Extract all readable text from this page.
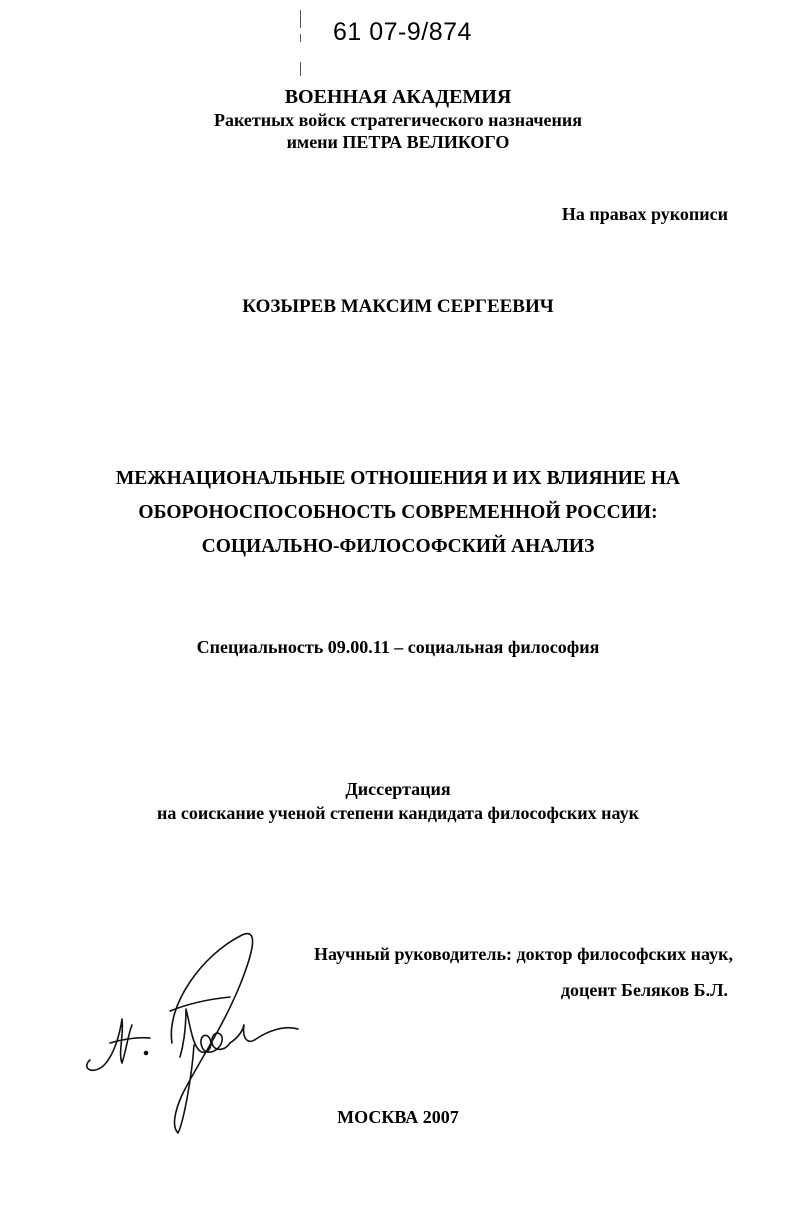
61 07-9/874
ВОЕННАЯ АКАДЕМИЯ
Ракетных войск стратегического назначения
имени ПЕТРА ВЕЛИКОГО
На правах рукописи
КОЗЫРЕВ МАКСИМ СЕРГЕЕВИЧ
МЕЖНАЦИОНАЛЬНЫЕ ОТНОШЕНИЯ И ИХ ВЛИЯНИЕ НА
ОБОРОНОСПОСОБНОСТЬ СОВРЕМЕННОЙ РОССИИ:
СОЦИАЛЬНО-ФИЛОСОФСКИЙ АНАЛИЗ
Специальность 09.00.11 – социальная философия
Диссертация
на соискание ученой степени кандидата философских наук
Научный руководитель: доктор философских наук,
доцент Беляков Б.Л.
МОСКВА 2007
